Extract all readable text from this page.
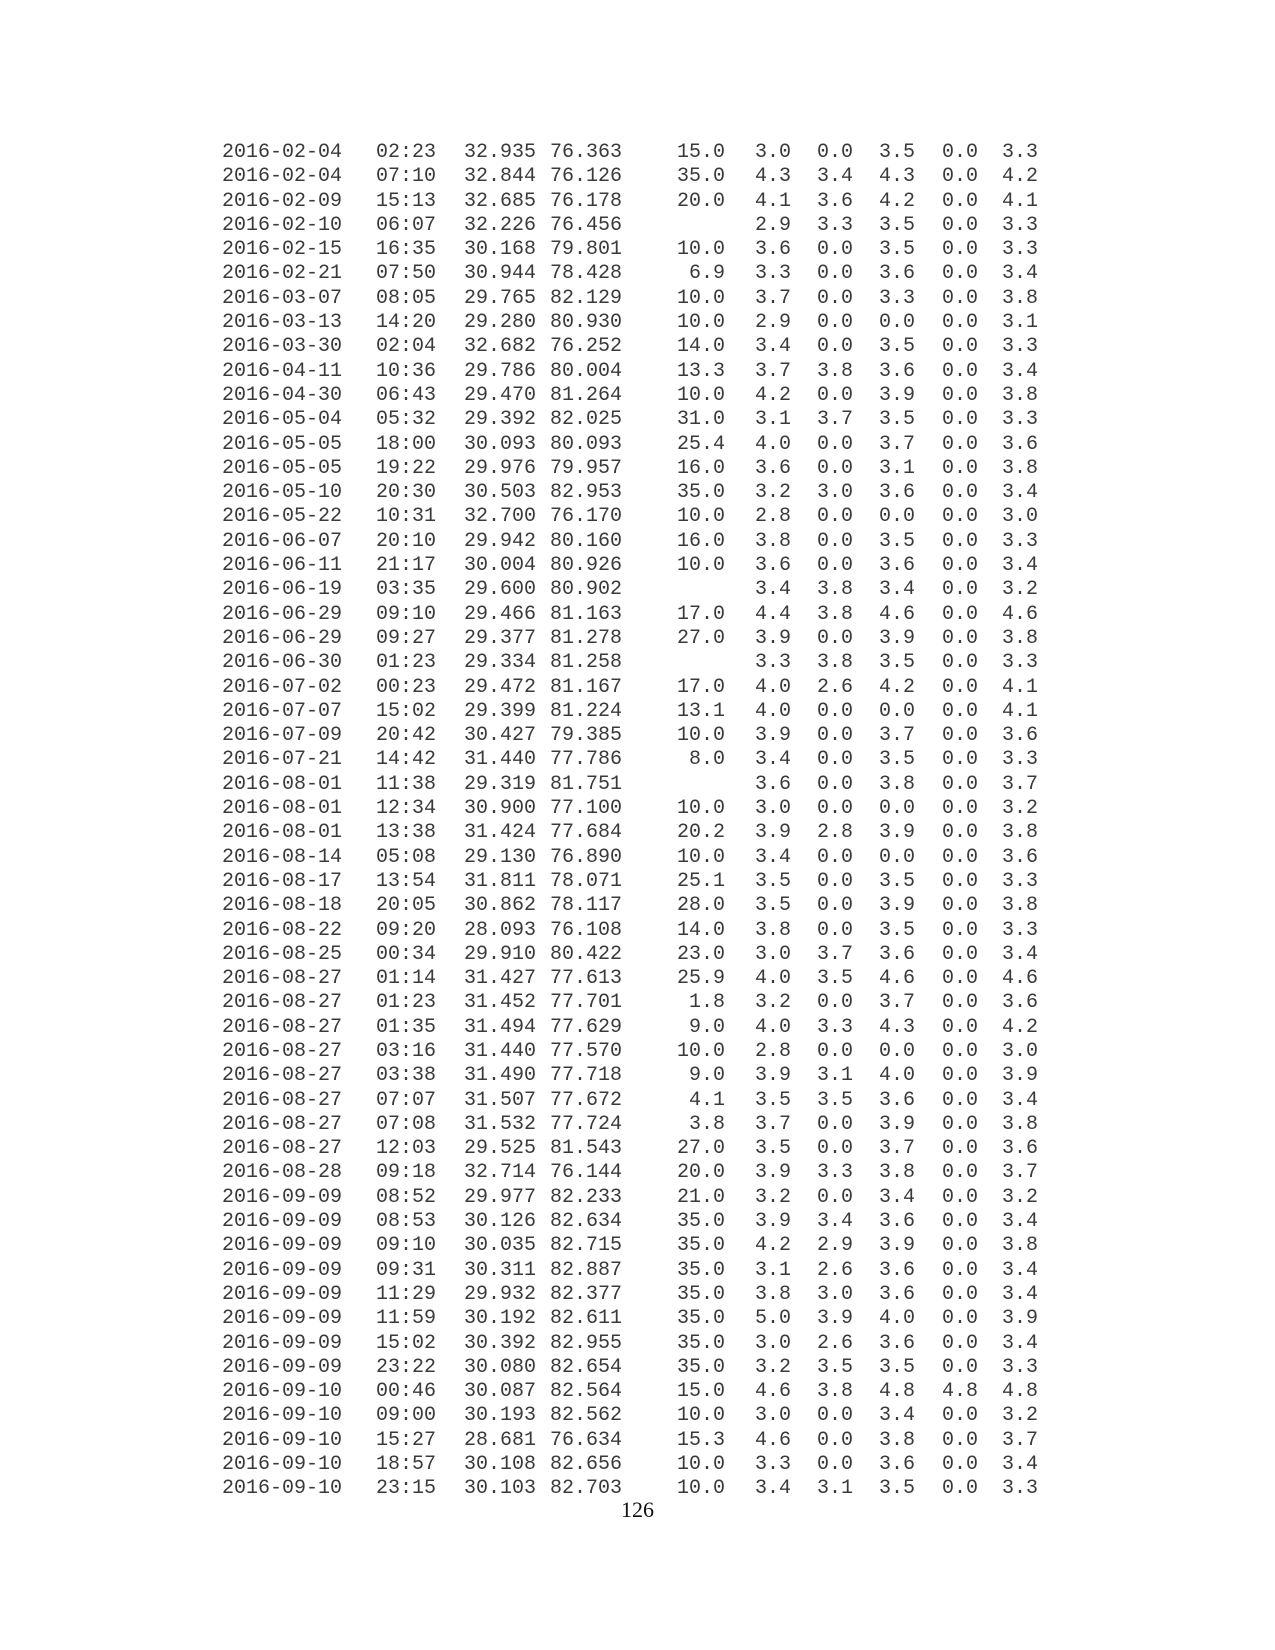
2016-02-04	02:23	32.935	76.363	15.0	3.0	0.0	3.5	0.0	3.3
2016-02-04	07:10	32.844	76.126	35.0	4.3	3.4	4.3	0.0	4.2
2016-02-09	15:13	32.685	76.178	20.0	4.1	3.6	4.2	0.0	4.1
2016-02-10	06:07	32.226	76.456		2.9	3.3	3.5	0.0	3.3
2016-02-15	16:35	30.168	79.801	10.0	3.6	0.0	3.5	0.0	3.3
2016-02-21	07:50	30.944	78.428	6.9	3.3	0.0	3.6	0.0	3.4
2016-03-07	08:05	29.765	82.129	10.0	3.7	0.0	3.3	0.0	3.8
2016-03-13	14:20	29.280	80.930	10.0	2.9	0.0	0.0	0.0	3.1
2016-03-30	02:04	32.682	76.252	14.0	3.4	0.0	3.5	0.0	3.3
2016-04-11	10:36	29.786	80.004	13.3	3.7	3.8	3.6	0.0	3.4
2016-04-30	06:43	29.470	81.264	10.0	4.2	0.0	3.9	0.0	3.8
2016-05-04	05:32	29.392	82.025	31.0	3.1	3.7	3.5	0.0	3.3
2016-05-05	18:00	30.093	80.093	25.4	4.0	0.0	3.7	0.0	3.6
2016-05-05	19:22	29.976	79.957	16.0	3.6	0.0	3.1	0.0	3.8
2016-05-10	20:30	30.503	82.953	35.0	3.2	3.0	3.6	0.0	3.4
2016-05-22	10:31	32.700	76.170	10.0	2.8	0.0	0.0	0.0	3.0
2016-06-07	20:10	29.942	80.160	16.0	3.8	0.0	3.5	0.0	3.3
2016-06-11	21:17	30.004	80.926	10.0	3.6	0.0	3.6	0.0	3.4
2016-06-19	03:35	29.600	80.902		3.4	3.8	3.4	0.0	3.2
2016-06-29	09:10	29.466	81.163	17.0	4.4	3.8	4.6	0.0	4.6
2016-06-29	09:27	29.377	81.278	27.0	3.9	0.0	3.9	0.0	3.8
2016-06-30	01:23	29.334	81.258		3.3	3.8	3.5	0.0	3.3
2016-07-02	00:23	29.472	81.167	17.0	4.0	2.6	4.2	0.0	4.1
2016-07-07	15:02	29.399	81.224	13.1	4.0	0.0	0.0	0.0	4.1
2016-07-09	20:42	30.427	79.385	10.0	3.9	0.0	3.7	0.0	3.6
2016-07-21	14:42	31.440	77.786	8.0	3.4	0.0	3.5	0.0	3.3
2016-08-01	11:38	29.319	81.751		3.6	0.0	3.8	0.0	3.7
2016-08-01	12:34	30.900	77.100	10.0	3.0	0.0	0.0	0.0	3.2
2016-08-01	13:38	31.424	77.684	20.2	3.9	2.8	3.9	0.0	3.8
2016-08-14	05:08	29.130	76.890	10.0	3.4	0.0	0.0	0.0	3.6
2016-08-17	13:54	31.811	78.071	25.1	3.5	0.0	3.5	0.0	3.3
2016-08-18	20:05	30.862	78.117	28.0	3.5	0.0	3.9	0.0	3.8
2016-08-22	09:20	28.093	76.108	14.0	3.8	0.0	3.5	0.0	3.3
2016-08-25	00:34	29.910	80.422	23.0	3.0	3.7	3.6	0.0	3.4
2016-08-27	01:14	31.427	77.613	25.9	4.0	3.5	4.6	0.0	4.6
2016-08-27	01:23	31.452	77.701	1.8	3.2	0.0	3.7	0.0	3.6
2016-08-27	01:35	31.494	77.629	9.0	4.0	3.3	4.3	0.0	4.2
2016-08-27	03:16	31.440	77.570	10.0	2.8	0.0	0.0	0.0	3.0
2016-08-27	03:38	31.490	77.718	9.0	3.9	3.1	4.0	0.0	3.9
2016-08-27	07:07	31.507	77.672	4.1	3.5	3.5	3.6	0.0	3.4
2016-08-27	07:08	31.532	77.724	3.8	3.7	0.0	3.9	0.0	3.8
2016-08-27	12:03	29.525	81.543	27.0	3.5	0.0	3.7	0.0	3.6
2016-08-28	09:18	32.714	76.144	20.0	3.9	3.3	3.8	0.0	3.7
2016-09-09	08:52	29.977	82.233	21.0	3.2	0.0	3.4	0.0	3.2
2016-09-09	08:53	30.126	82.634	35.0	3.9	3.4	3.6	0.0	3.4
2016-09-09	09:10	30.035	82.715	35.0	4.2	2.9	3.9	0.0	3.8
2016-09-09	09:31	30.311	82.887	35.0	3.1	2.6	3.6	0.0	3.4
2016-09-09	11:29	29.932	82.377	35.0	3.8	3.0	3.6	0.0	3.4
2016-09-09	11:59	30.192	82.611	35.0	5.0	3.9	4.0	0.0	3.9
2016-09-09	15:02	30.392	82.955	35.0	3.0	2.6	3.6	0.0	3.4
2016-09-09	23:22	30.080	82.654	35.0	3.2	3.5	3.5	0.0	3.3
2016-09-10	00:46	30.087	82.564	15.0	4.6	3.8	4.8	4.8	4.8
2016-09-10	09:00	30.193	82.562	10.0	3.0	0.0	3.4	0.0	3.2
2016-09-10	15:27	28.681	76.634	15.3	4.6	0.0	3.8	0.0	3.7
2016-09-10	18:57	30.108	82.656	10.0	3.3	0.0	3.6	0.0	3.4
2016-09-10	23:15	30.103	82.703	10.0	3.4	3.1	3.5	0.0	3.3
126
